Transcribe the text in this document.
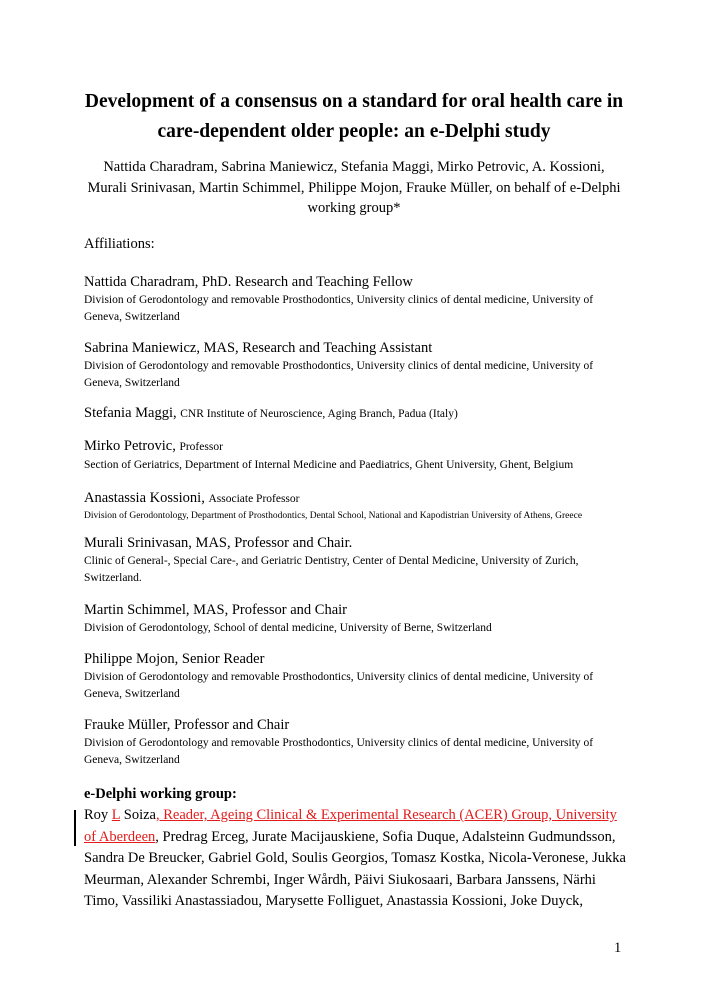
Development of a consensus on a standard for oral health care in
care-dependent older people: an e-Delphi study
Nattida Charadram, Sabrina Maniewicz, Stefania Maggi, Mirko Petrovic, A. Kossioni,
Murali Srinivasan, Martin Schimmel, Philippe Mojon, Frauke Müller, on behalf of e-Delphi
working group*
Affiliations:
Nattida Charadram, PhD. Research and Teaching Fellow
Division of Gerodontology and removable Prosthodontics, University clinics of dental medicine, University of
Geneva, Switzerland
Sabrina Maniewicz, MAS, Research and Teaching Assistant
Division of Gerodontology and removable Prosthodontics, University clinics of dental medicine, University of
Geneva, Switzerland
Stefania Maggi, CNR Institute of Neuroscience, Aging Branch, Padua (Italy)
Mirko Petrovic, Professor
Section of Geriatrics, Department of Internal Medicine and Paediatrics, Ghent University, Ghent, Belgium
Anastassia Kossioni, Associate Professor
Division of Gerodontology, Department of Prosthodontics, Dental School, National and Kapodistrian University of Athens, Greece
Murali Srinivasan, MAS, Professor and Chair.
Clinic of General-, Special Care-, and Geriatric Dentistry, Center of Dental Medicine, University of Zurich,
Switzerland.
Martin Schimmel, MAS, Professor and Chair
Division of Gerodontology, School of dental medicine, University of Berne, Switzerland
Philippe Mojon, Senior Reader
Division of Gerodontology and removable Prosthodontics, University clinics of dental medicine, University of
Geneva, Switzerland
Frauke Müller, Professor and Chair
Division of Gerodontology and removable Prosthodontics, University clinics of dental medicine, University of
Geneva, Switzerland
e-Delphi working group:
Roy L Soiza, Reader, Ageing Clinical & Experimental Research (ACER) Group, University of Aberdeen, Predrag Erceg, Jurate Macijauskiene, Sofia Duque, Adalsteinn Gudmundsson, Sandra De Breucker, Gabriel Gold, Soulis Georgios, Tomasz Kostka, Nicola-Veronese, Jukka Meurman, Alexander Schrembi, Inger Wårdh, Päivi Siukosaari, Barbara Janssens, Närhi Timo, Vassiliki Anastassiadou, Marysette Folliguet, Anastassia Kossioni, Joke Duyck,
1
